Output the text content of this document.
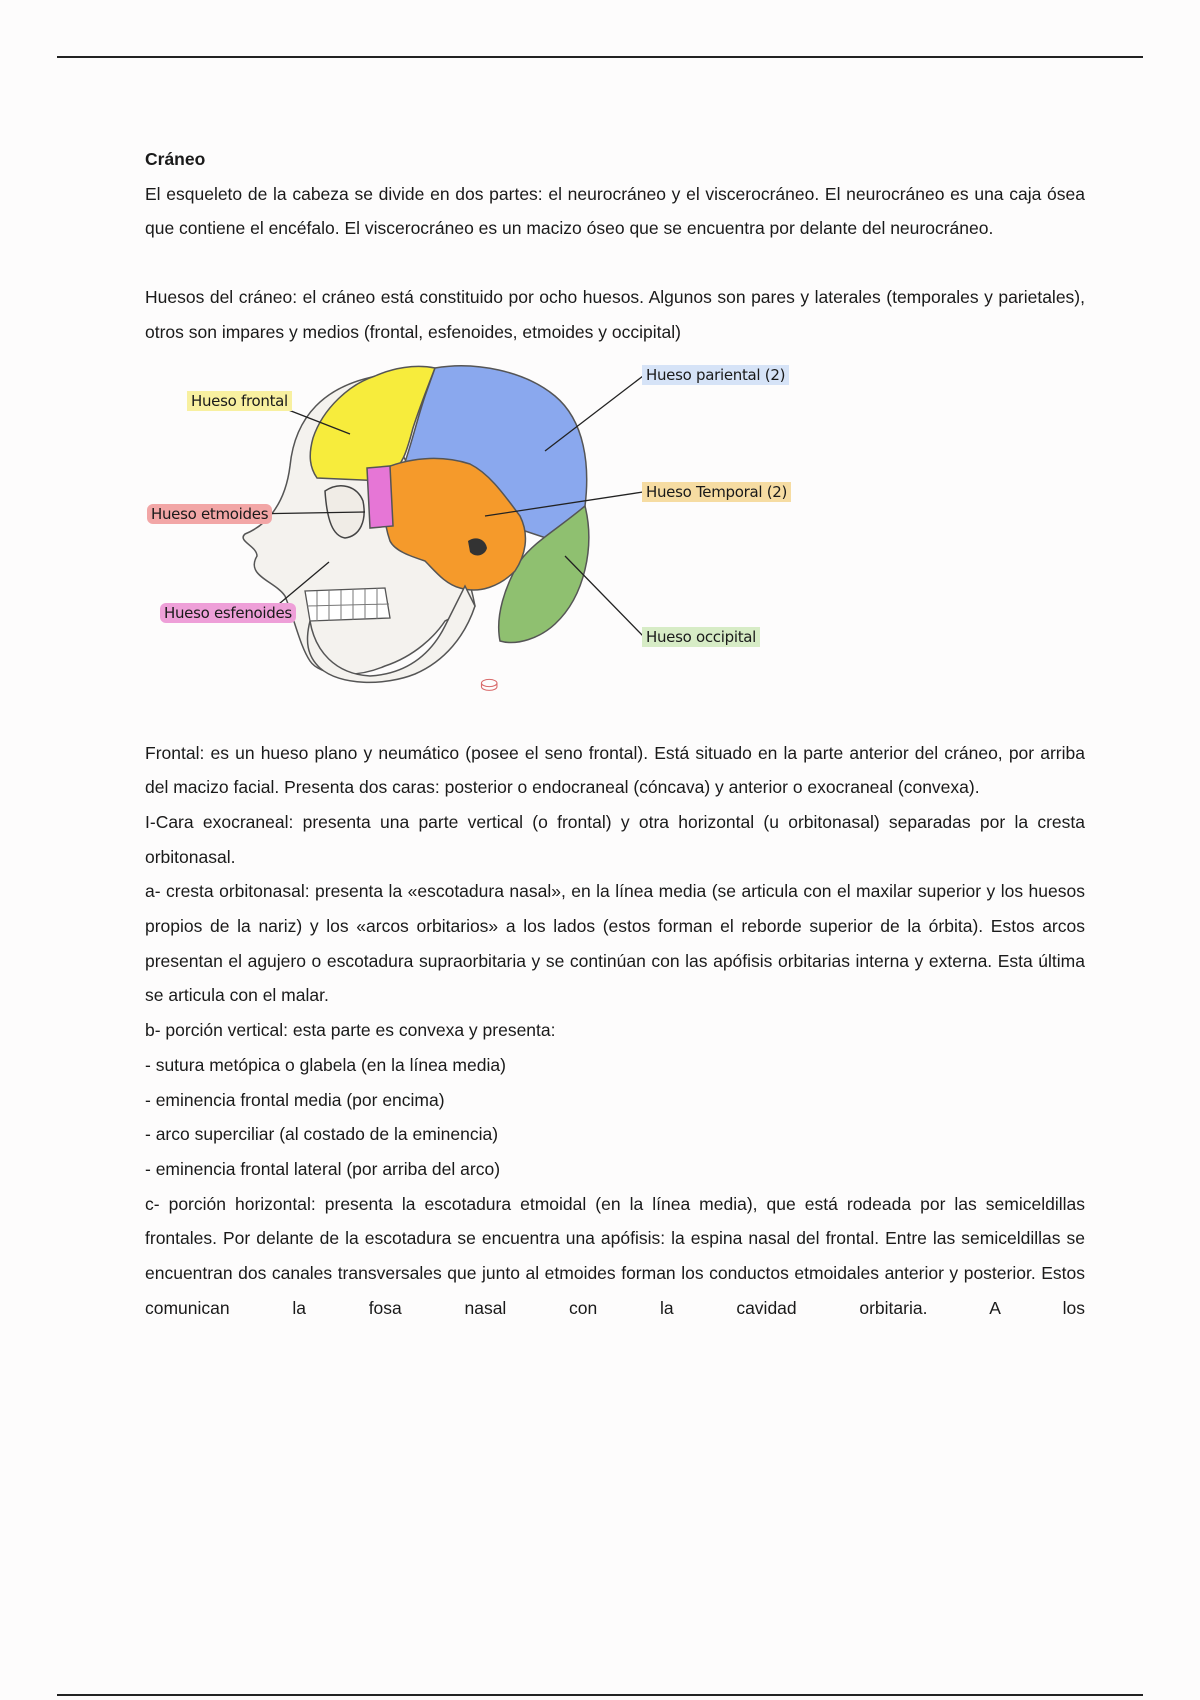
Cráneo

El esqueleto de la cabeza se divide en dos partes: el neurocráneo y el viscerocráneo. El neurocráneo es una caja ósea que contiene el encéfalo. El viscerocráneo es un macizo óseo que se encuentra por delante del neurocráneo.

Huesos del cráneo: el cráneo está constituido por ocho huesos. Algunos son pares y laterales (temporales y parietales), otros son impares y medios (frontal, esfenoides, etmoides y occipital)

⛀
Hueso frontal
Hueso etmoides
Hueso esfenoides
Hueso pariental (2)
Hueso Temporal (2)
Hueso occipital

Frontal: es un hueso plano y neumático (posee el seno frontal). Está situado en la parte anterior del cráneo, por arriba del macizo facial. Presenta dos caras: posterior o endocraneal (cóncava) y anterior o exocraneal (convexa).

I-Cara exocraneal: presenta una parte vertical (o frontal) y otra horizontal (u orbitonasal) separadas por la cresta orbitonasal.

a- cresta orbitonasal: presenta la «escotadura nasal», en la línea media (se articula con el maxilar superior y los huesos propios de la nariz) y los «arcos orbitarios» a los lados (estos forman el reborde superior de la órbita). Estos arcos presentan el agujero o escotadura supraorbitaria y se continúan con las apófisis orbitarias interna y externa. Esta última se articula con el malar.

b- porción vertical: esta parte es convexa y presenta:

- sutura metópica o glabela (en la línea media)

- eminencia frontal media (por encima)

- arco superciliar (al costado de la eminencia)

- eminencia frontal lateral (por arriba del arco)

c- porción horizontal: presenta la escotadura etmoidal (en la línea media), que está rodeada por las semiceldillas frontales. Por delante de la escotadura se encuentra una apófisis: la espina nasal del frontal. Entre las semiceldillas se encuentran dos canales transversales que junto al etmoides forman los conductos etmoidales anterior y posterior. Estos comunican la fosa nasal con la cavidad orbitaria. A los
